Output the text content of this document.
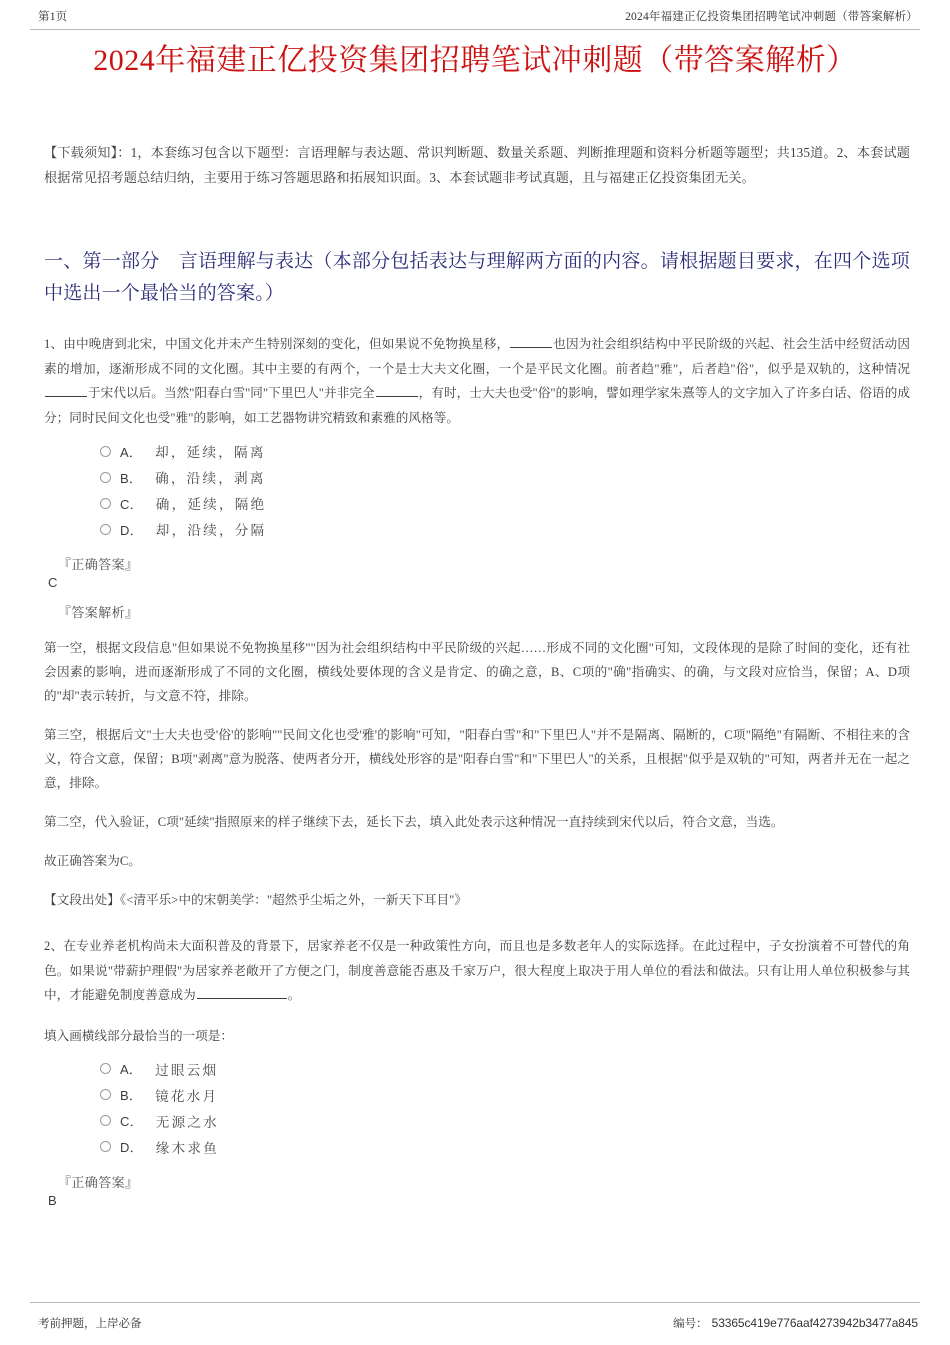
第1页	2024年福建正亿投资集团招聘笔试冲刺题（带答案解析）
2024年福建正亿投资集团招聘笔试冲刺题（带答案解析）
【下载须知】：1，本套练习包含以下题型：言语理解与表达题、常识判断题、数量关系题、判断推理题和资料分析题等题型；共135道。2、本套试题根据常见招考题总结归纳，主要用于练习答题思路和拓展知识面。3、本套试题非考试真题，且与福建正亿投资集团无关。
一、第一部分　言语理解与表达（本部分包括表达与理解两方面的内容。请根据题目要求，在四个选项中选出一个最恰当的答案。）
1、由中晚唐到北宋，中国文化并未产生特别深刻的变化，但如果说不免物换星移，	也因为社会组织结构中平民阶级的兴起、社会生活中经贸活动因素的增加，逐渐形成不同的文化圈。其中主要的有两个，一个是士大夫文化圈，一个是平民文化圈。前者趋"雅"，后者趋"俗"，似乎是双轨的，这种情况于宋代以后。当然"阳春白雪"同"下里巴人"并非完全	，有时，士大夫也受"俗"的影响，譬如理学家朱熹等人的文字加入了许多白话、俗语的成分；同时民间文化也受"雅"的影响，如工艺器物讲究精致和素雅的风格等。
A． 却，延续，隔离
B． 确，沿续，剥离
C． 确，延续，隔绝
D． 却，沿续，分隔
『正确答案』
C
『答案解析』
第一空，根据文段信息"但如果说不免物换星移""因为社会组织结构中平民阶级的兴起……形成不同的文化圈"可知，文段体现的是除了时间的变化，还有社会因素的影响，进而逐渐形成了不同的文化圈，横线处要体现的含义是肯定、的确之意，B、C项的"确"指确实、的确，与文段对应恰当，保留；A、D项的"却"表示转折，与文意不符，排除。
第三空，根据后文"士大夫也受'俗'的影响""民间文化也受'雅'的影响"可知，"阳春白雪"和"下里巴人"并不是隔离、隔断的，C项"隔绝"有隔断、不相往来的含义，符合文意，保留；B项"剥离"意为脱落、使两者分开，横线处形容的是"阳春白雪"和"下里巴人"的关系，且根据"似乎是双轨的"可知，两者并无在一起之意，排除。
第二空，代入验证，C项"延续"指照原来的样子继续下去，延长下去，填入此处表示这种情况一直持续到宋代以后，符合文意，当选。
故正确答案为C。
【文段出处】《<清平乐>中的宋朝美学："超然乎尘垢之外，一新天下耳目"》
2、在专业养老机构尚未大面积普及的背景下，居家养老不仅是一种政策性方向，而且也是多数老年人的实际选择。在此过程中，子女扮演着不可替代的角色。如果说"带薪护理假"为居家养老敞开了方便之门，制度善意能否惠及千家万户，很大程度上取决于用人单位的看法和做法。只有让用人单位积极参与其中，才能避免制度善意成为	。
填入画横线部分最恰当的一项是：
A． 过眼云烟
B． 镜花水月
C． 无源之水
D． 缘木求鱼
『正确答案』
B
考前押题，上岸必备	编号： 53365c419e776aaf4273942b3477a845
